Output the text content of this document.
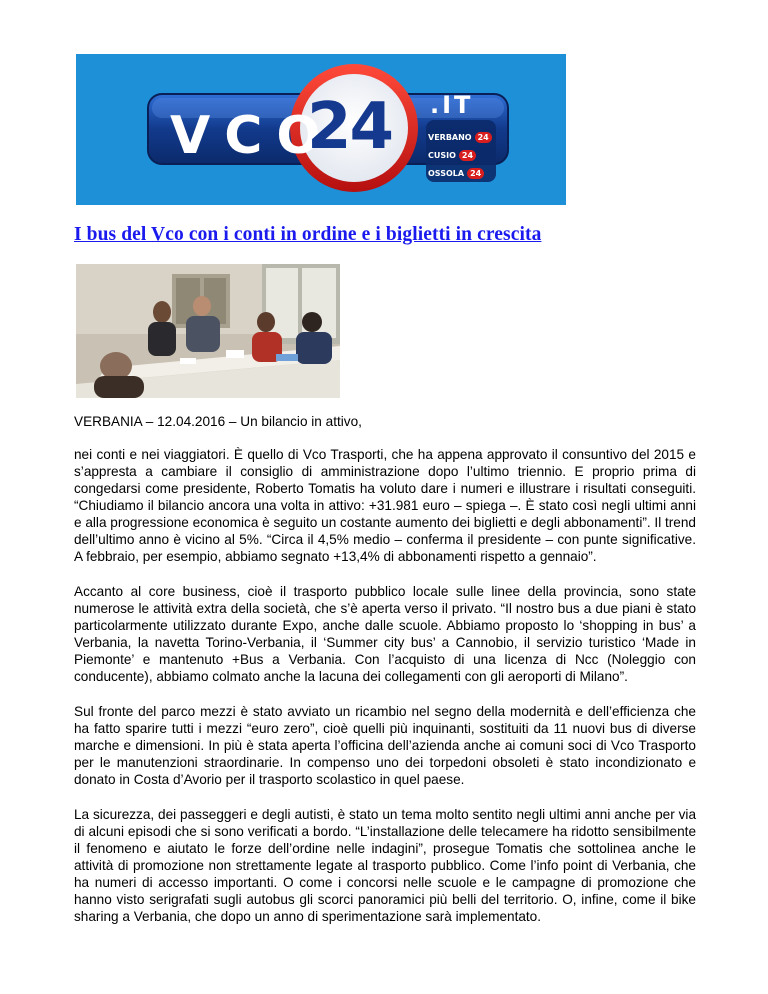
VCO
24 .IT
VERBANO 24
CUSIO 24
OSSOLA 24
I bus del Vco con i conti in ordine e i biglietti in crescita

VERBANIA – 12.04.2016 – Un bilancio in attivo,

nei conti e nei viaggiatori. È quello di Vco Trasporti, che ha appena approvato il consuntivo del 2015 e s’appresta a cambiare il consiglio di amministrazione dopo l’ultimo triennio. E proprio prima di congedarsi come presidente, Roberto Tomatis ha voluto dare i numeri e illustrare i risultati conseguiti. “Chiudiamo il bilancio ancora una volta in attivo: +31.981 euro – spiega –. È stato così negli ultimi anni e alla progressione economica è seguito un costante aumento dei biglietti e degli abbonamenti”. Il trend dell’ultimo anno è vicino al 5%. “Circa il 4,5% medio – conferma il presidente – con punte significative. A febbraio, per esempio, abbiamo segnato +13,4% di abbonamenti rispetto a gennaio”.

Accanto al core business, cioè il trasporto pubblico locale sulle linee della provincia, sono state numerose le attività extra della società, che s’è aperta verso il privato. “Il nostro bus a due piani è stato particolarmente utilizzato durante Expo, anche dalle scuole. Abbiamo proposto lo ‘shopping in bus’ a Verbania, la navetta Torino-Verbania, il ‘Summer city bus’ a Cannobio, il servizio turistico ‘Made in Piemonte’ e mantenuto +Bus a Verbania. Con l’acquisto di una licenza di Ncc (Noleggio con conducente), abbiamo colmato anche la lacuna dei collegamenti con gli aeroporti di Milano”.

Sul fronte del parco mezzi è stato avviato un ricambio nel segno della modernità e dell’efficienza che ha fatto sparire tutti i mezzi “euro zero”, cioè quelli più inquinanti, sostituiti da 11 nuovi bus di diverse marche e dimensioni. In più è stata aperta l’officina dell’azienda anche ai comuni soci di Vco Trasporto per le manutenzioni straordinarie. In compenso uno dei torpedoni obsoleti è stato incondizionato e donato in Costa d’Avorio per il trasporto scolastico in quel paese.

La sicurezza, dei passeggeri e degli autisti, è stato un tema molto sentito negli ultimi anni anche per via di alcuni episodi che si sono verificati a bordo. “L’installazione delle telecamere ha ridotto sensibilmente il fenomeno e aiutato le forze dell’ordine nelle indagini”, prosegue Tomatis che sottolinea anche le attività di promozione non strettamente legate al trasporto pubblico. Come l’info point di Verbania, che ha numeri di accesso importanti. O come i concorsi nelle scuole e le campagne di promozione che hanno visto serigrafati sugli autobus gli scorci panoramici più belli del territorio. O, infine, come il bike sharing a Verbania, che dopo un anno di sperimentazione sarà implementato.
